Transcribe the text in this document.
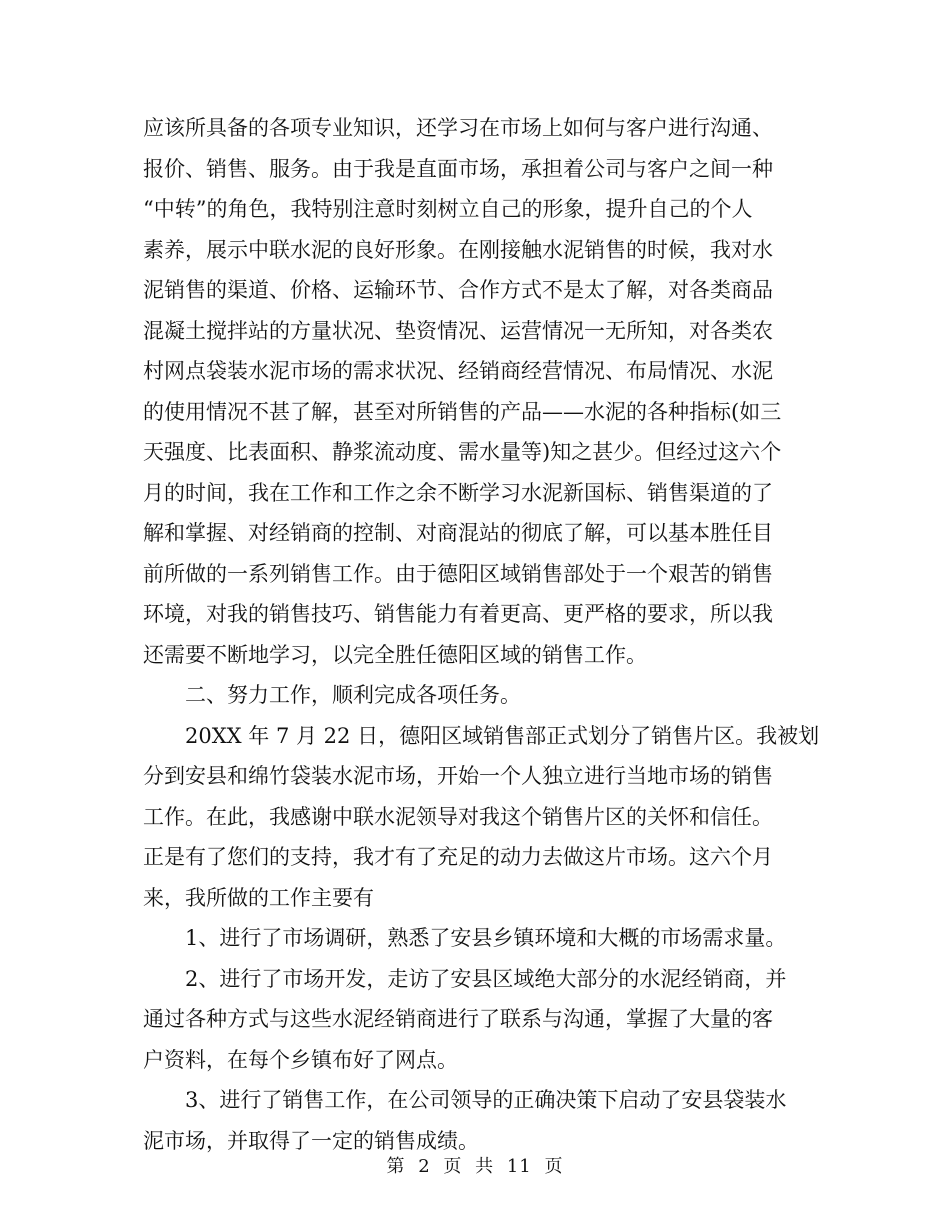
应该所具备的各项专业知识，还学习在市场上如何与客户进行沟通、
报价、销售、服务。由于我是直面市场，承担着公司与客户之间一种
“中转”的角色，我特别注意时刻树立自己的形象，提升自己的个人
素养，展示中联水泥的良好形象。在刚接触水泥销售的时候，我对水
泥销售的渠道、价格、运输环节、合作方式不是太了解，对各类商品
混凝土搅拌站的方量状况、垫资情况、运营情况一无所知，对各类农
村网点袋装水泥市场的需求状况、经销商经营情况、布局情况、水泥
的使用情况不甚了解，甚至对所销售的产品——水泥的各种指标(如三
天强度、比表面积、静浆流动度、需水量等)知之甚少。但经过这六个
月的时间，我在工作和工作之余不断学习水泥新国标、销售渠道的了
解和掌握、对经销商的控制、对商混站的彻底了解，可以基本胜任目
前所做的一系列销售工作。由于德阳区域销售部处于一个艰苦的销售
环境，对我的销售技巧、销售能力有着更高、更严格的要求，所以我
还需要不断地学习，以完全胜任德阳区域的销售工作。
二、努力工作，顺利完成各项任务。
20XX 年 7 月 22 日，德阳区域销售部正式划分了销售片区。我被划
分到安县和绵竹袋装水泥市场，开始一个人独立进行当地市场的销售
工作。在此，我感谢中联水泥领导对我这个销售片区的关怀和信任。
正是有了您们的支持，我才有了充足的动力去做这片市场。这六个月
来，我所做的工作主要有
1、进行了市场调研，熟悉了安县乡镇环境和大概的市场需求量。
2、进行了市场开发，走访了安县区域绝大部分的水泥经销商，并
通过各种方式与这些水泥经销商进行了联系与沟通，掌握了大量的客
户资料，在每个乡镇布好了网点。
3、进行了销售工作，在公司领导的正确决策下启动了安县袋装水
泥市场，并取得了一定的销售成绩。
第 2 页 共 11 页
